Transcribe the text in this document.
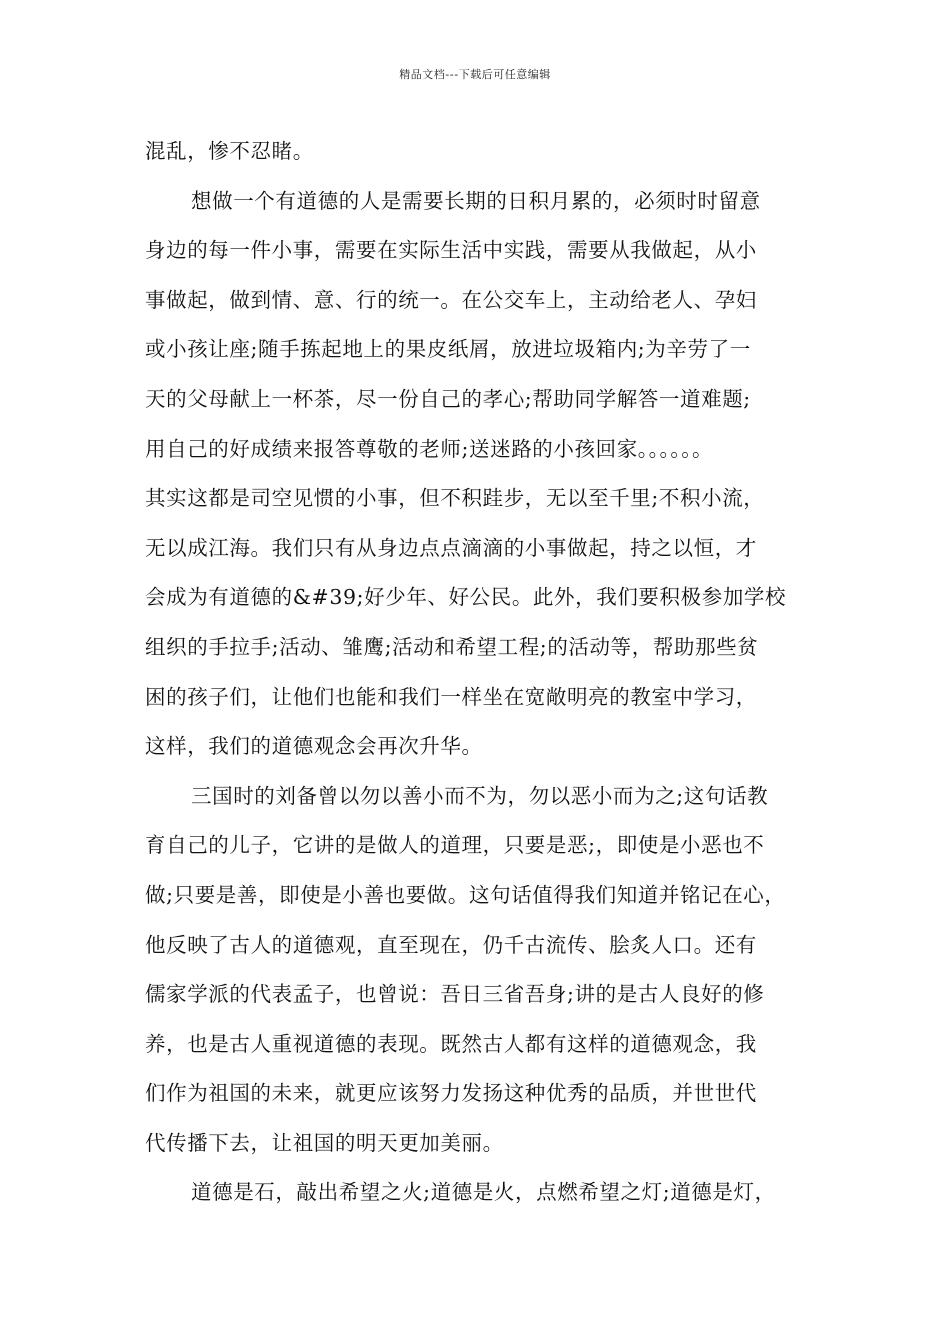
精品文档---下载后可任意编辑
混乱，惨不忍睹。
想做一个有道德的人是需要长期的日积月累的，必须时时留意
身边的每一件小事，需要在实际生活中实践，需要从我做起，从小
事做起，做到情、意、行的统一。在公交车上，主动给老人、孕妇
或小孩让座;随手拣起地上的果皮纸屑，放进垃圾箱内;为辛劳了一
天的父母献上一杯茶，尽一份自己的孝心;帮助同学解答一道难题;
用自己的好成绩来报答尊敬的老师;送迷路的小孩回家。。。。。。
其实这都是司空见惯的小事，但不积跬步，无以至千里;不积小流，
无以成江海。我们只有从身边点点滴滴的小事做起，持之以恒，才
会成为有道德的&#39;好少年、好公民。此外，我们要积极参加学校
组织的手拉手;活动、雏鹰;活动和希望工程;的活动等，帮助那些贫
困的孩子们，让他们也能和我们一样坐在宽敞明亮的教室中学习，
这样，我们的道德观念会再次升华。
三国时的刘备曾以勿以善小而不为，勿以恶小而为之;这句话教
育自己的儿子，它讲的是做人的道理，只要是恶;，即使是小恶也不
做;只要是善，即使是小善也要做。这句话值得我们知道并铭记在心，
他反映了古人的道德观，直至现在，仍千古流传、脍炙人口。还有
儒家学派的代表孟子，也曾说：吾日三省吾身;讲的是古人良好的修
养，也是古人重视道德的表现。既然古人都有这样的道德观念，我
们作为祖国的未来，就更应该努力发扬这种优秀的品质，并世世代
代传播下去，让祖国的明天更加美丽。
道德是石，敲出希望之火;道德是火，点燃希望之灯;道德是灯，
